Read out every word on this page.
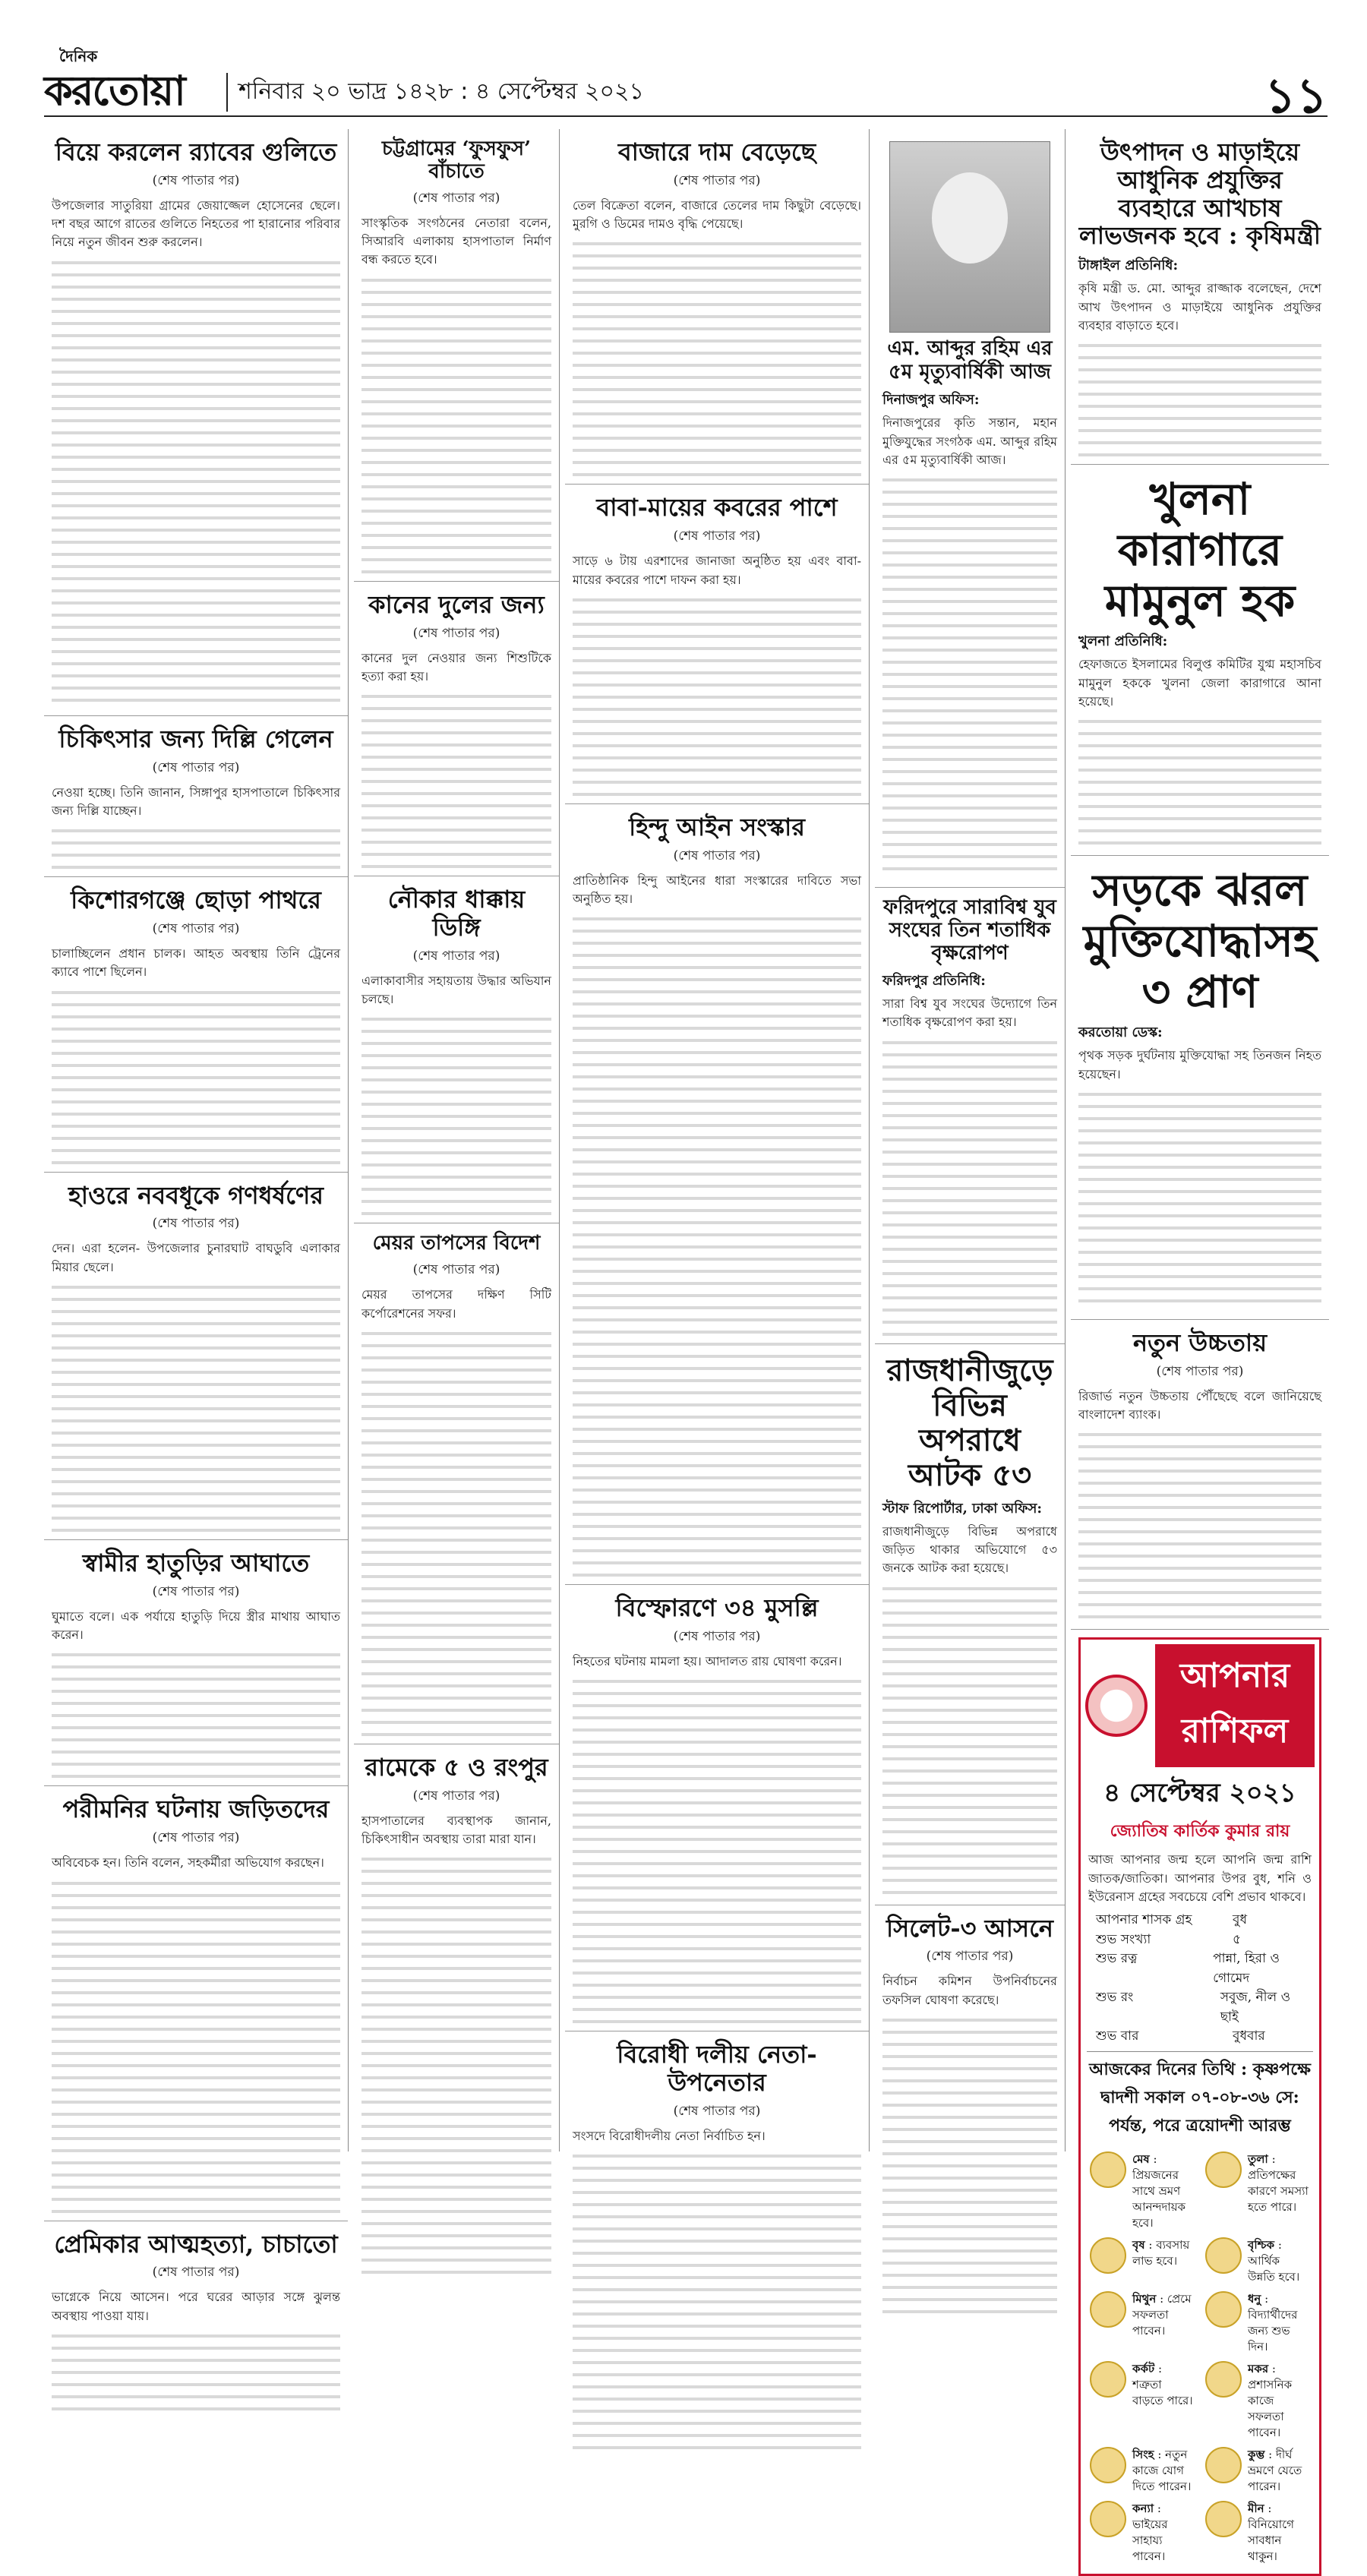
দৈনিক
করতোয়া	শনিবার ২০ ভাদ্র ১৪২৮ : ৪ সেপ্টেম্বর ২০২১	১১
বিয়ে করলেন র‍্যাবের গুলিতে

(শেষ পাতার পর)

উপজেলার সাতুরিয়া গ্রামের জেয়াজ্জেল হোসেনের ছেলে। দশ বছর আগে রাতের গুলিতে নিহতের পা হারানোর পরিবার নিয়ে নতুন জীবন শুরু করলেন।

চিকিৎসার জন্য দিল্লি গেলেন

(শেষ পাতার পর)

নেওয়া হচ্ছে। তিনি জানান, সিঙ্গাপুর হাসপাতালে চিকিৎসার জন্য দিল্লি যাচ্ছেন।

কিশোরগঞ্জে ছোড়া পাথরে

(শেষ পাতার পর)

চালাচ্ছিলেন প্রধান চালক। আহত অবস্থায় তিনি ট্রেনের ক্যাবে পাশে ছিলেন।

হাওরে নববধূকে গণধর্ষণের

(শেষ পাতার পর)

দেন। এরা হলেন- উপজেলার চুনারঘাট বাঘডুবি এলাকার মিয়ার ছেলে।

স্বামীর হাতুড়ির আঘাতে

(শেষ পাতার পর)

ঘুমাতে বলে। এক পর্যায়ে হাতুড়ি দিয়ে স্ত্রীর মাথায় আঘাত করেন।

পরীমনির ঘটনায় জড়িতদের

(শেষ পাতার পর)

অবিবেচক হন। তিনি বলেন, সহকর্মীরা অভিযোগ করছেন।

প্রেমিকার আত্মহত্যা, চাচাতো

(শেষ পাতার পর)

ভাগ্নেকে নিয়ে আসেন। পরে ঘরের আড়ার সঙ্গে ঝুলন্ত অবস্থায় পাওয়া যায়।

চট্টগ্রামের ‘ফুসফুস’ বাঁচাতে

(শেষ পাতার পর)

সাংস্কৃতিক সংগঠনের নেতারা বলেন, সিআরবি এলাকায় হাসপাতাল নির্মাণ বন্ধ করতে হবে।

কানের দুলের জন্য

(শেষ পাতার পর)

কানের দুল নেওয়ার জন্য শিশুটিকে হত্যা করা হয়।

নৌকার ধাক্কায় ডিঙ্গি

(শেষ পাতার পর)

এলাকাবাসীর সহায়তায় উদ্ধার অভিযান চলছে।

মেয়র তাপসের বিদেশ

(শেষ পাতার পর)

মেয়র তাপসের দক্ষিণ সিটি কর্পোরেশনের সফর।

রামেকে ৫ ও রংপুর

(শেষ পাতার পর)

হাসপাতালের ব্যবস্থাপক জানান, চিকিৎসাধীন অবস্থায় তারা মারা যান।

বাজারে দাম বেড়েছে

(শেষ পাতার পর)

তেল বিক্রেতা বলেন, বাজারে তেলের দাম কিছুটা বেড়েছে। মুরগি ও ডিমের দামও বৃদ্ধি পেয়েছে।

বাবা-মায়ের কবরের পাশে

(শেষ পাতার পর)

সাড়ে ৬ টায় এরশাদের জানাজা অনুষ্ঠিত হয় এবং বাবা-মায়ের কবরের পাশে দাফন করা হয়।

হিন্দু আইন সংস্কার

(শেষ পাতার পর)

প্রাতিষ্ঠানিক হিন্দু আইনের ধারা সংস্কারের দাবিতে সভা অনুষ্ঠিত হয়।

বিস্ফোরণে ৩৪ মুসল্লি

(শেষ পাতার পর)

নিহতের ঘটনায় মামলা হয়। আদালত রায় ঘোষণা করেন।

বিরোধী দলীয় নেতা-উপনেতার

(শেষ পাতার পর)

সংসদে বিরোধীদলীয় নেতা নির্বাচিত হন।

এম. আব্দুর রহিম এর ৫ম মৃত্যুবার্ষিকী আজ

দিনাজপুর অফিস:

দিনাজপুরের কৃতি সন্তান, মহান মুক্তিযুদ্ধের সংগঠক এম. আব্দুর রহিম এর ৫ম মৃত্যুবার্ষিকী আজ।

ফরিদপুরে সারাবিশ্ব যুব সংঘের তিন শতাধিক বৃক্ষরোপণ

ফরিদপুর প্রতিনিধি:

সারা বিশ্ব যুব সংঘের উদ্যোগে তিন শতাধিক বৃক্ষরোপণ করা হয়।

রাজধানীজুড়ে বিভিন্ন অপরাধে আটক ৫৩

স্টাফ রিপোর্টার, ঢাকা অফিস:

রাজধানীজুড়ে বিভিন্ন অপরাধে জড়িত থাকার অভিযোগে ৫৩ জনকে আটক করা হয়েছে।

সিলেট-৩ আসনে

(শেষ পাতার পর)

নির্বাচন কমিশন উপনির্বাচনের তফসিল ঘোষণা করেছে।

উৎপাদন ও মাড়াইয়ে আধুনিক প্রযুক্তির ব্যবহারে আখচাষ লাভজনক হবে : কৃষিমন্ত্রী

টাঙ্গাইল প্রতিনিধি:

কৃষি মন্ত্রী ড. মো. আব্দুর রাজ্জাক বলেছেন, দেশে আখ উৎপাদন ও মাড়াইয়ে আধুনিক প্রযুক্তির ব্যবহার বাড়াতে হবে।

খুলনা কারাগারে মামুনুল হক

খুলনা প্রতিনিধি:

হেফাজতে ইসলামের বিলুপ্ত কমিটির যুগ্ম মহাসচিব মামুনুল হককে খুলনা জেলা কারাগারে আনা হয়েছে।

সড়কে ঝরল মুক্তিযোদ্ধাসহ ৩ প্রাণ

করতোয়া ডেস্ক:

পৃথক সড়ক দুর্ঘটনায় মুক্তিযোদ্ধা সহ তিনজন নিহত হয়েছেন।

নতুন উচ্চতায়

(শেষ পাতার পর)

রিজার্ভ নতুন উচ্চতায় পৌঁছেছে বলে জানিয়েছে বাংলাদেশ ব্যাংক।

আপনার রাশিফল
৪ সেপ্টেম্বর ২০২১
জ্যোতিষ কার্তিক কুমার রায়

আজ আপনার জন্ম হলে আপনি জন্ম রাশি জাতক/জাতিকা। আপনার উপর বুধ, শনি ও ইউরেনাস গ্রহের সবচেয়ে বেশি প্রভাব থাকবে।

আপনার শাসক গ্রহ	বুধ
শুভ সংখ্যা	৫
শুভ রত্ন	পান্না, হিরা ও গোমেদ
শুভ রং	সবুজ, নীল ও ছাই
শুভ বার	বুধবার
আজকের দিনের তিথি : কৃষ্ণপক্ষে দ্বাদশী সকাল ০৭-০৮-৩৬ সে: পর্যন্ত, পরে ত্রয়োদশী আরম্ভ
মেষ : প্রিয়জনের সাথে ভ্রমণ আনন্দদায়ক হবে।
তুলা : প্রতিপক্ষের কারণে সমস্যা হতে পারে।
বৃষ : ব্যবসায় লাভ হবে।
বৃশ্চিক : আর্থিক উন্নতি হবে।
মিথুন : প্রেমে সফলতা পাবেন।
ধনু : বিদ্যার্থীদের জন্য শুভ দিন।
কর্কট : শত্রুতা বাড়তে পারে।
মকর : প্রশাসনিক কাজে সফলতা পাবেন।
সিংহ : নতুন কাজে যোগ দিতে পারেন।
কুম্ভ : দীর্ঘ ভ্রমণে যেতে পারেন।
কন্যা : ভাইয়ের সাহায্য পাবেন।
মীন : বিনিয়োগে সাবধান থাকুন।
